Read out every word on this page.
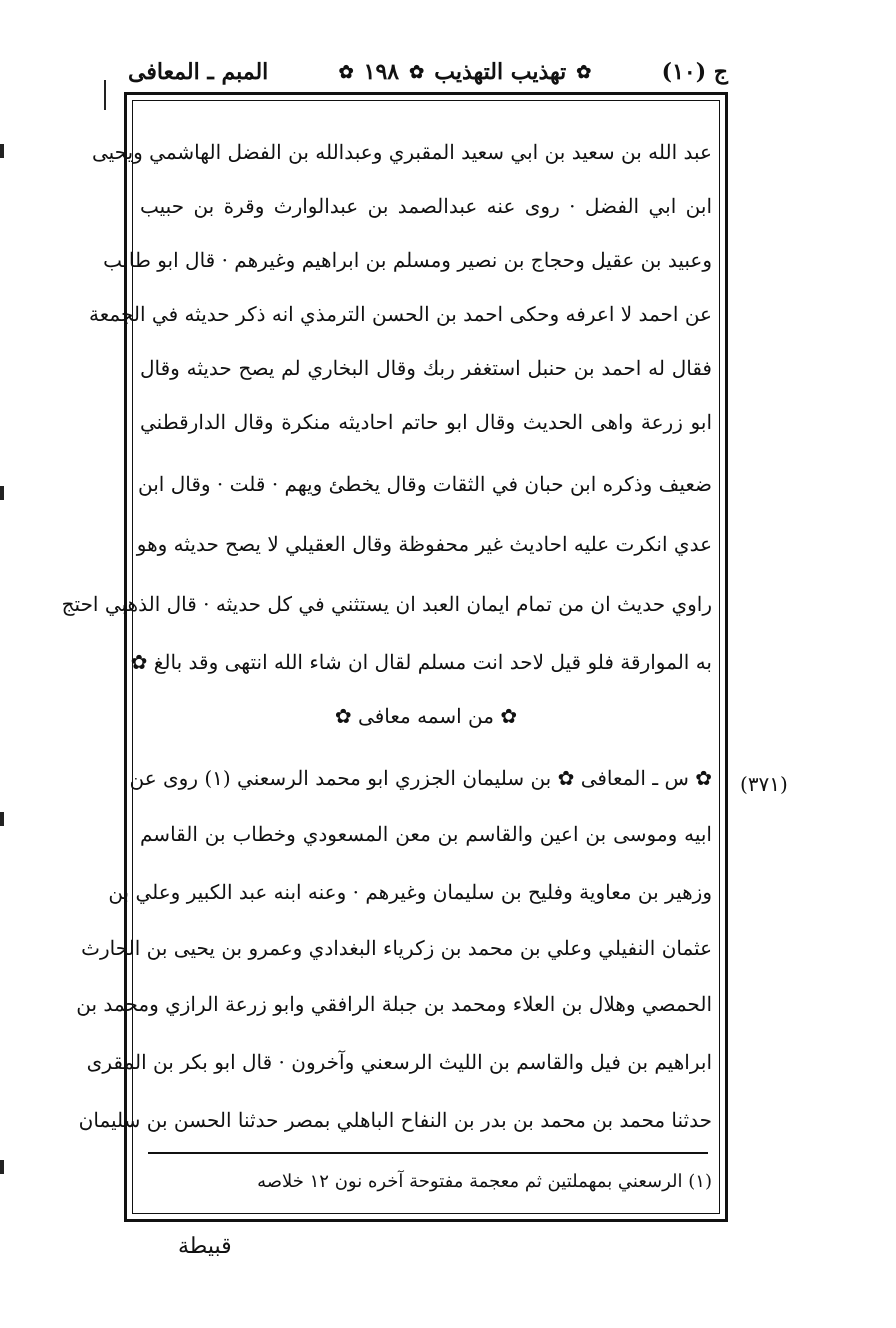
ج (١٠)
✿
تهذيب التهذيب
✿
١٩٨
✿
المبم ـ المعافى
عبد الله بن سعيد بن ابي سعيد المقبري وعبدالله بن الفضل الهاشمي ويحيى
ابن ابي الفضل · روى عنه عبدالصمد بن عبدالوارث وقرة بن حبيب
وعبيد بن عقيل وحجاج بن نصير ومسلم بن ابراهيم وغيرهم · قال ابو طالب
عن احمد لا اعرفه وحكى احمد بن الحسن الترمذي انه ذكر حديثه في الجمعة
فقال له احمد بن حنبل استغفر ربك وقال البخاري لم يصح حديثه وقال
ابو زرعة واهى الحديث وقال ابو حاتم احاديثه منكرة وقال الدارقطني
ضعيف وذكره ابن حبان في الثقات وقال يخطئ ويهم · قلت · وقال ابن
عدي انكرت عليه احاديث غير محفوظة وقال العقيلي لا يصح حديثه وهو
راوي حديث ان من تمام ايمان العبد ان يستثني في كل حديثه · قال الذهبي احتج
به الموارقة فلو قيل لاحد انت مسلم لقال ان شاء الله انتهى وقد بالغ ✿
✿ من اسمه معافى ✿
(٣٧١)
✿ س ـ المعافى ✿ بن سليمان الجزري ابو محمد الرسعني (١) روى عن
ابيه وموسى بن اعين والقاسم بن معن المسعودي وخطاب بن القاسم
وزهير بن معاوية وفليح بن سليمان وغيرهم · وعنه ابنه عبد الكبير وعلي بن
عثمان النفيلي وعلي بن محمد بن زكرياء البغدادي وعمرو بن يحيى بن الحارث
الحمصي وهلال بن العلاء ومحمد بن جبلة الرافقي وابو زرعة الرازي ومحمد بن
ابراهيم بن فيل والقاسم بن الليث الرسعني وآخرون · قال ابو بكر بن المقرى
حدثنا محمد بن محمد بن بدر بن النفاح الباهلي بمصر حدثنا الحسن بن سليمان
(١) الرسعني بمهملتين ثم معجمة مفتوحة آخره نون ١٢ خلاصه
قبيطة
